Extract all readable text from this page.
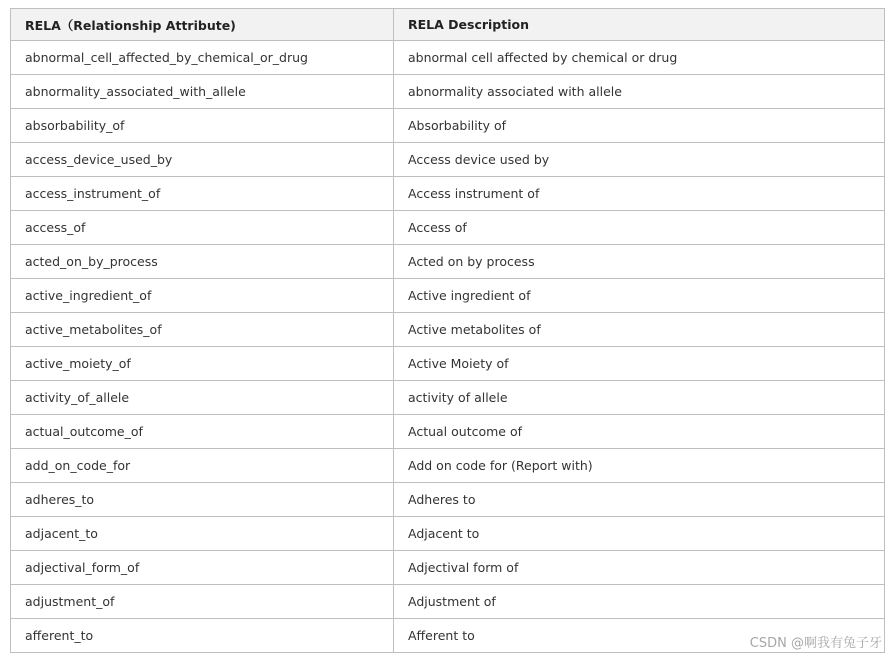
RELA（Relationship Attribute)	RELA Description
abnormal_cell_affected_by_chemical_or_drug	abnormal cell affected by chemical or drug
abnormality_associated_with_allele	abnormality associated with allele
absorbability_of	Absorbability of
access_device_used_by	Access device used by
access_instrument_of	Access instrument of
access_of	Access of
acted_on_by_process	Acted on by process
active_ingredient_of	Active ingredient of
active_metabolites_of	Active metabolites of
active_moiety_of	Active Moiety of
activity_of_allele	activity of allele
actual_outcome_of	Actual outcome of
add_on_code_for	Add on code for (Report with)
adheres_to	Adheres to
adjacent_to	Adjacent to
adjectival_form_of	Adjectival form of
adjustment_of	Adjustment of
afferent_to	Afferent to
CSDN @啊我有兔子牙
